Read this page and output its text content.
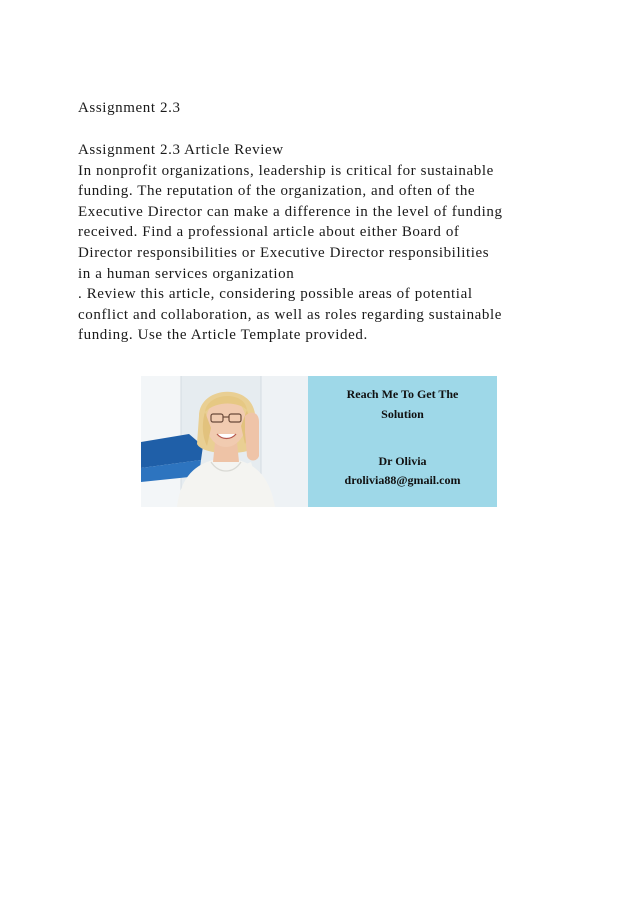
Assignment 2.3
Assignment 2.3 Article Review
In nonprofit organizations, leadership is critical for sustainable
funding. The reputation of the organization, and often of the
Executive Director can make a difference in the level of funding
received. Find a professional article about either Board of
Director responsibilities or Executive Director responsibilities
in a human services organization
. Review this article, considering possible areas of potential
conflict and collaboration, as well as roles regarding sustainable
funding. Use the Article Template provided.
Reach Me To Get The
Solution
Dr Olivia
drolivia88@gmail.com
